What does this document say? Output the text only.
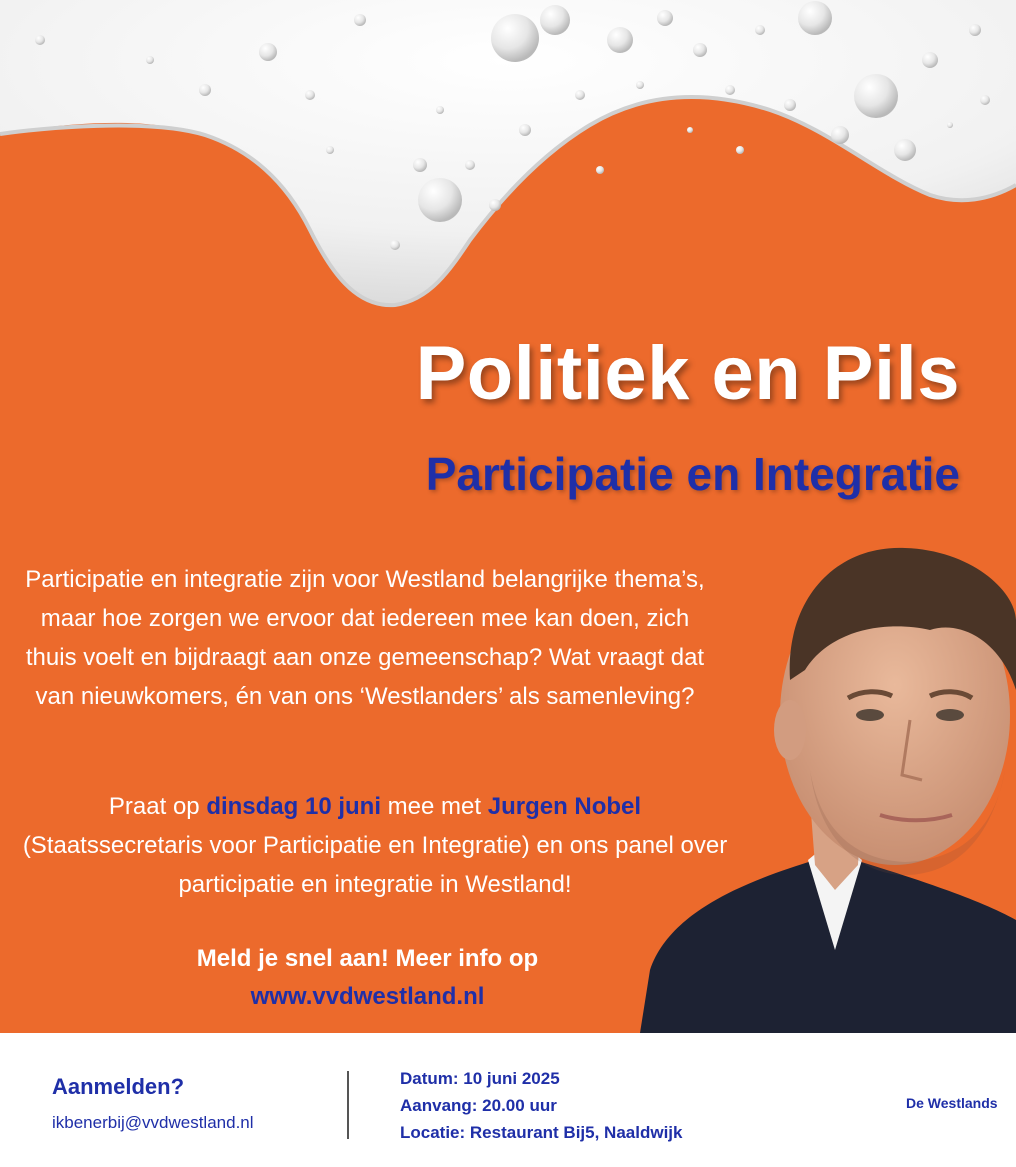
Politiek en Pils
Participatie en Integratie
Participatie en integratie zijn voor Westland belangrijke thema’s, maar hoe zorgen we ervoor dat iedereen mee kan doen, zich thuis voelt en bijdraagt aan onze gemeenschap? Wat vraagt dat van nieuwkomers, én van ons ‘Westlanders’ als samenleving?
Praat op dinsdag 10 juni mee met Jurgen Nobel (Staatssecretaris voor Participatie en Integratie) en ons panel over participatie en integratie in Westland!
Meld je snel aan! Meer info op
www.vvdwestland.nl
Aanmelden?
ikbenerbij@vvdwestland.nl
Datum: 10 juni 2025
Aanvang: 20.00 uur
Locatie: Restaurant Bij5, Naaldwijk
De Westlands
